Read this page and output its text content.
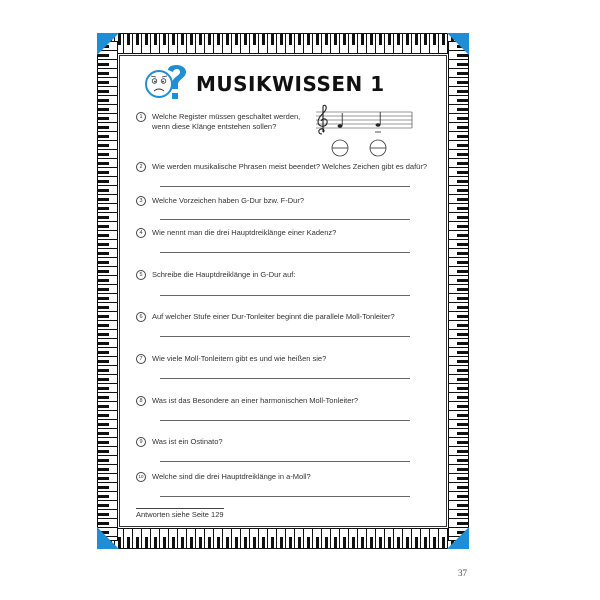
MUSIKWISSEN 1
1 Welche Register müssen geschaltet werden, wenn diese Klänge entstehen sollen?
2 Wie werden musikalische Phrasen meist beendet? Welches Zeichen gibt es dafür?
3 Welche Vorzeichen haben G-Dur bzw. F-Dur?
4 Wie nennt man die drei Hauptdreiklänge einer Kadenz?
5 Schreibe die Hauptdreiklänge in G-Dur auf:
6 Auf welcher Stufe einer Dur-Tonleiter beginnt die parallele Moll-Tonleiter?
7 Wie viele Moll-Tonleitern gibt es und wie heißen sie?
8 Was ist das Besondere an einer harmonischen Moll-Tonleiter?
9 Was ist ein Ostinato?
10 Welche sind die drei Hauptdreiklänge in a-Moll?
Antworten siehe Seite 129
37
